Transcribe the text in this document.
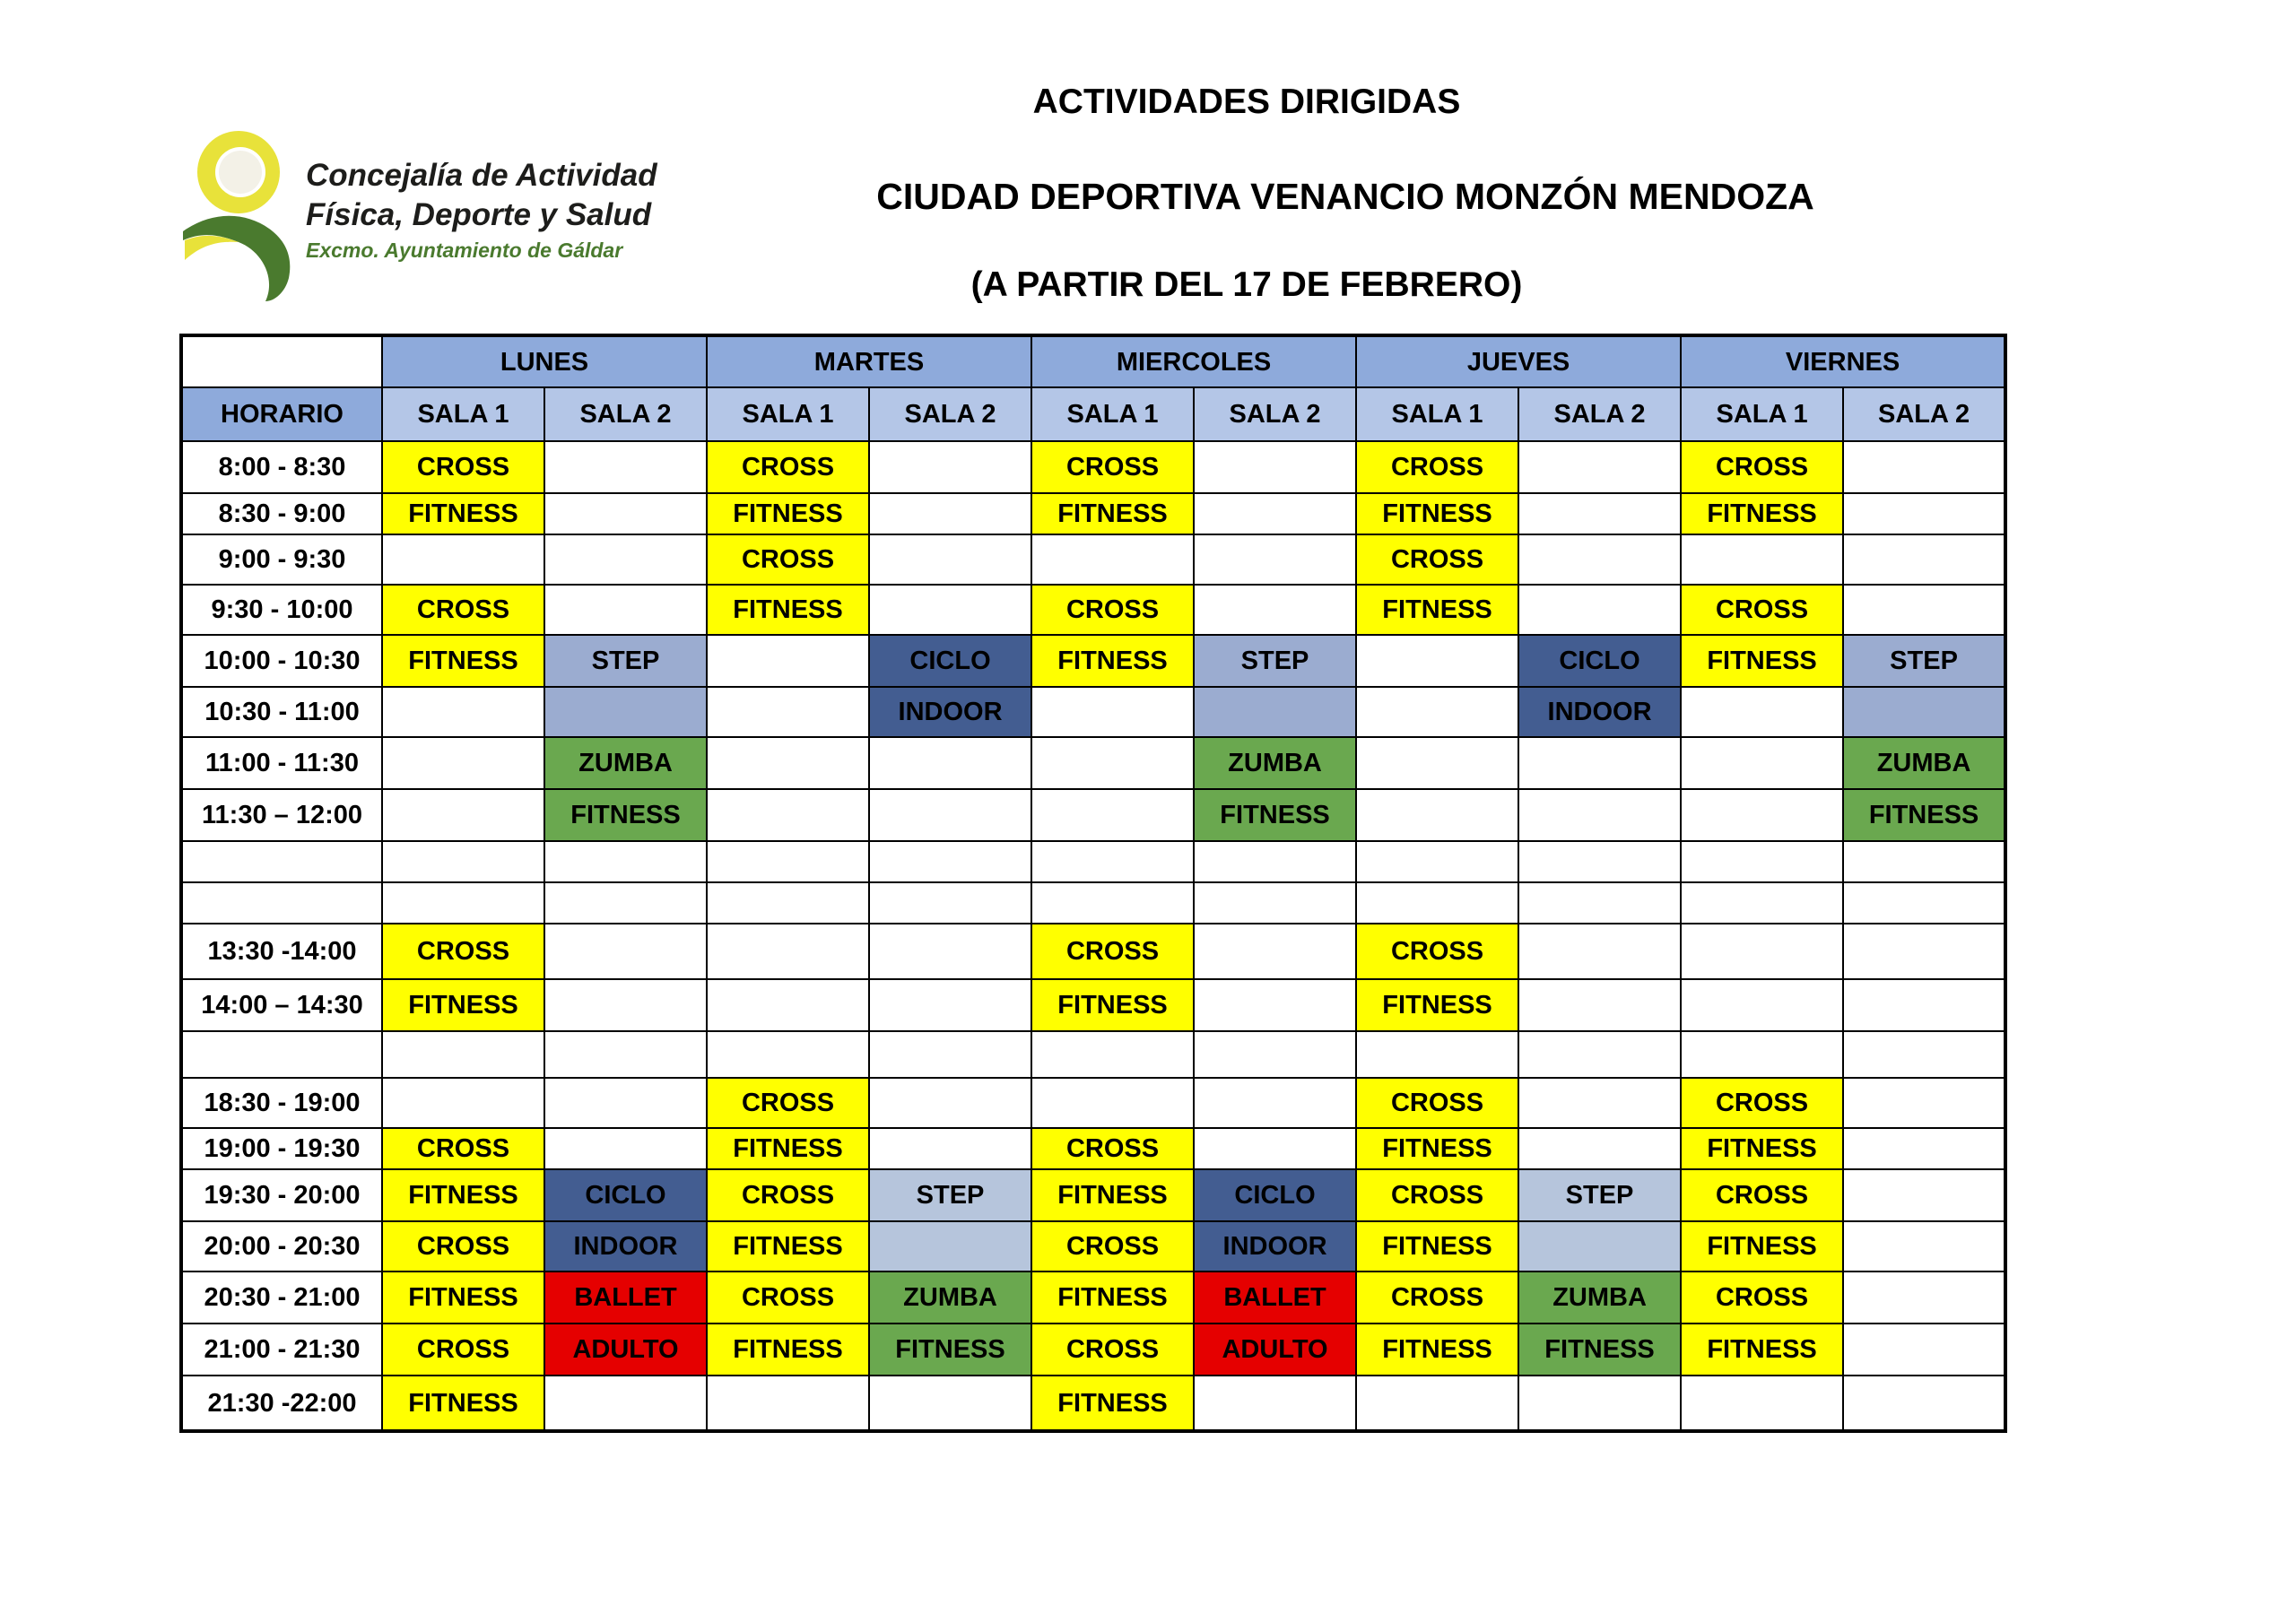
Concejalía de Actividad
Física, Deporte y Salud
Excmo. Ayuntamiento de Gáldar
ACTIVIDADES DIRIGIDAS
CIUDAD DEPORTIVA VENANCIO MONZÓN MENDOZA
(A PARTIR DEL 17 DE FEBRERO)
	LUNES		MARTES		MIERCOLES		JUEVES		VIERNES	
HORARIO	SALA 1	SALA 2	SALA 1	SALA 2	SALA 1	SALA 2	SALA 1	SALA 2	SALA 1	SALA 2
8:00 - 8:30	CROSS		CROSS		CROSS		CROSS		CROSS	
8:30 - 9:00	FITNESS		FITNESS		FITNESS		FITNESS		FITNESS	
9:00 - 9:30			CROSS				CROSS			
9:30 - 10:00	CROSS		FITNESS		CROSS		FITNESS		CROSS	
10:00 - 10:30	FITNESS	STEP		CICLO	FITNESS	STEP		CICLO	FITNESS	STEP
10:30 - 11:00				INDOOR				INDOOR		
11:00 - 11:30		ZUMBA				ZUMBA				ZUMBA
11:30 – 12:00		FITNESS				FITNESS				FITNESS

13:30 -14:00	CROSS				CROSS		CROSS			
14:00 – 14:30	FITNESS				FITNESS		FITNESS			

18:30 - 19:00			CROSS				CROSS		CROSS	
19:00 - 19:30	CROSS		FITNESS		CROSS		FITNESS		FITNESS	
19:30 - 20:00	FITNESS	CICLO	CROSS	STEP	FITNESS	CICLO	CROSS	STEP	CROSS	
20:00 - 20:30	CROSS	INDOOR	FITNESS		CROSS	INDOOR	FITNESS		FITNESS	
20:30 - 21:00	FITNESS	BALLET	CROSS	ZUMBA	FITNESS	BALLET	CROSS	ZUMBA	CROSS	
21:00 - 21:30	CROSS	ADULTO	FITNESS	FITNESS	CROSS	ADULTO	FITNESS	FITNESS	FITNESS	
21:30 -22:00	FITNESS				FITNESS					
